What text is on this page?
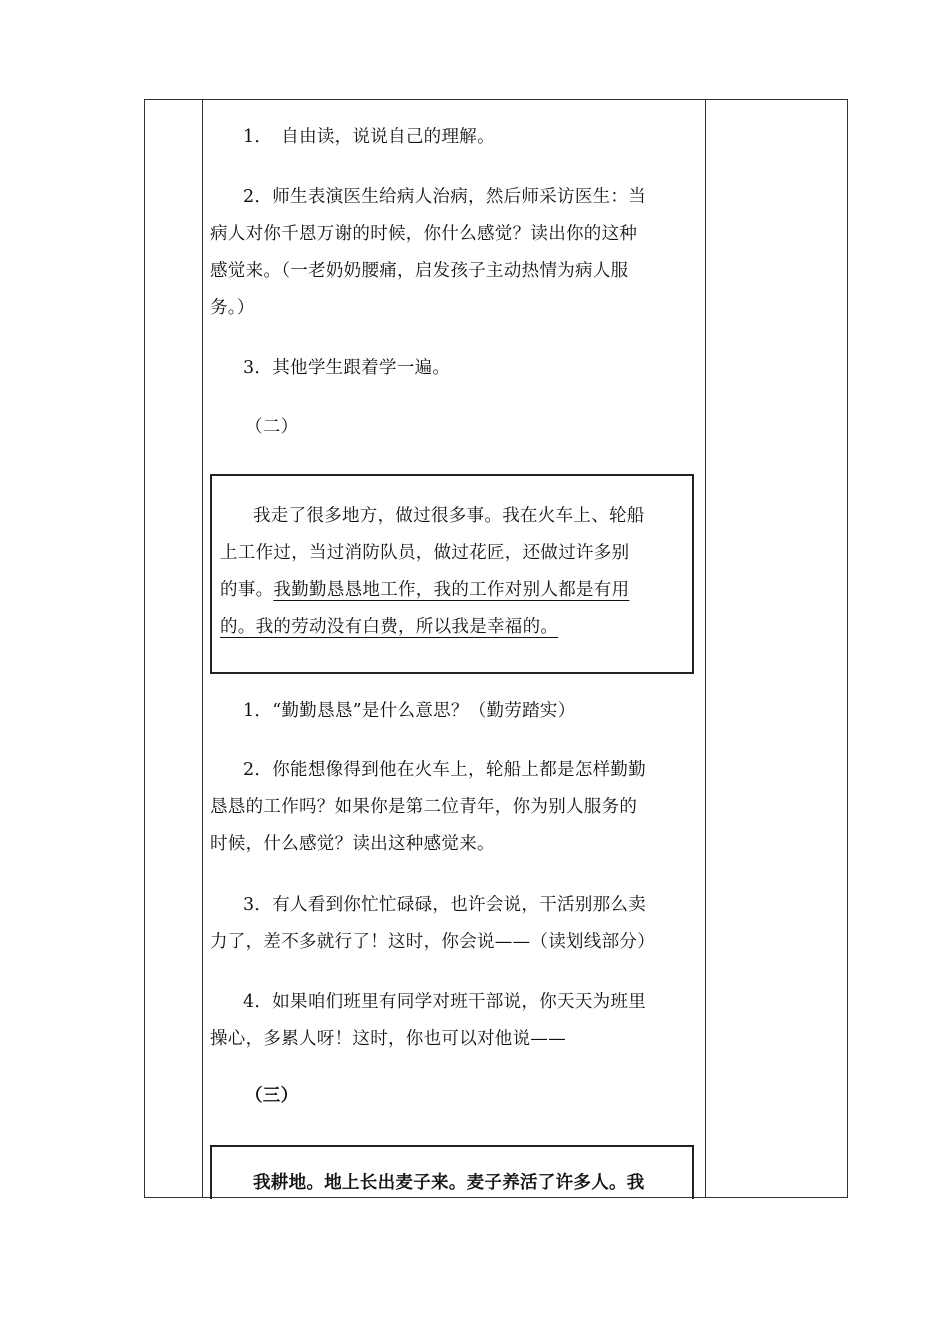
1．　自由读，说说自己的理解。

2．师生表演医生给病人治病，然后师采访医生：当
病人对你千恩万谢的时候，你什么感觉？读出你的这种
感觉来。（一老奶奶腰痛，启发孩子主动热情为病人服
务。）

3．其他学生跟着学一遍。

（二）

我走了很多地方，做过很多事。我在火车上、轮船
上工作过，当过消防队员，做过花匠，还做过许多别
的事。我勤勤恳恳地工作，我的工作对别人都是有用
的。我的劳动没有白费，所以我是幸福的。

1．“勤勤恳恳”是什么意思？（勤劳踏实）

2．你能想像得到他在火车上，轮船上都是怎样勤勤
恳恳的工作吗？如果你是第二位青年，你为别人服务的
时候，什么感觉？读出这种感觉来。

3．有人看到你忙忙碌碌，也许会说，干活别那么卖
力了，差不多就行了！这时，你会说——（读划线部分）

4．如果咱们班里有同学对班干部说，你天天为班里
操心，多累人呀！这时，你也可以对他说——

（三）

我耕地。地上长出麦子来。麦子养活了许多人。我
